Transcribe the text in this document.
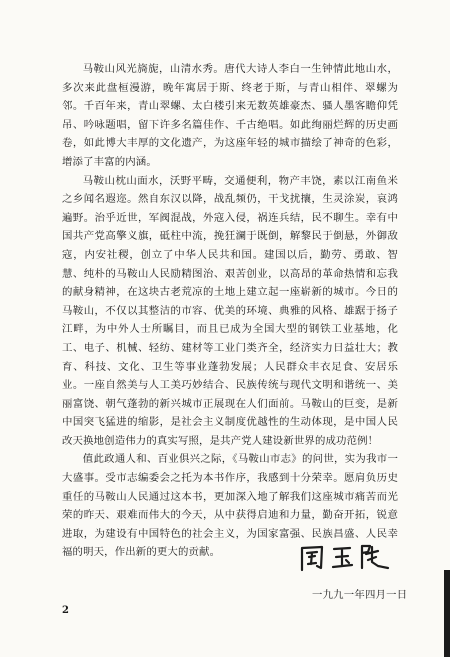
马鞍山风光旖旎，山清水秀。唐代大诗人李白一生钟情此地山水，多次来此盘桓漫游，晚年寓居于斯、终老于斯，与青山相伴、翠螺为邻。千百年来，青山翠螺、太白楼引来无数英雄豪杰、骚人墨客瞻仰凭吊、吟咏题唱，留下许多名篇佳作、千古绝唱。如此绚丽烂辉的历史画卷，如此博大丰厚的文化遗产，为这座年轻的城市描绘了神奇的色彩，增添了丰富的内涵。

马鞍山枕山面水，沃野平畴，交通便利，物产丰饶，素以江南鱼米之乡闻名遐迩。然自东汉以降，战乱频仍，干戈扰攘，生灵涂炭，哀鸿遍野。治乎近世，军阀混战，外寇入侵，祸连兵结，民不聊生。幸有中国共产党高擎义旗，砥柱中流，挽狂澜于既倒，解黎民于倒悬，外御敌寇，内安社稷，创立了中华人民共和国。建国以后，勤劳、勇敢、智慧、纯朴的马鞍山人民励精图治、艰苦创业，以高昂的革命热情和忘我的献身精神，在这块古老荒凉的土地上建立起一座崭新的城市。今日的马鞍山，不仅以其整洁的市容、优美的环境、典雅的风格、雄踞于扬子江畔，为中外人士所瞩目，而且已成为全国大型的钢铁工业基地，化工、电子、机械、轻纺、建材等工业门类齐全，经济实力日益壮大；教育、科技、文化、卫生等事业蓬勃发展；人民群众丰衣足食、安居乐业。一座自然美与人工美巧妙结合、民族传统与现代文明和谐统一、美丽富饶、朝气蓬勃的新兴城市正展现在人们面前。马鞍山的巨变，是新中国突飞猛进的缩影，是社会主义制度优越性的生动体现，是中国人民改天换地创造伟力的真实写照，是共产党人建设新世界的成功范例！

值此政通人和、百业俱兴之际，《马鞍山市志》的问世，实为我市一大盛事。受市志编委会之托为本书作序，我感到十分荣幸。愿肩负历史重任的马鞍山人民通过这本书，更加深入地了解我们这座城市痛苦而光荣的昨天、艰难而伟大的今天，从中获得启迪和力量，勤奋开拓，锐意进取，为建设有中国特色的社会主义，为国家富强、民族昌盛、人民幸福的明天，作出新的更大的贡献。

一九九一年四月一日
2
